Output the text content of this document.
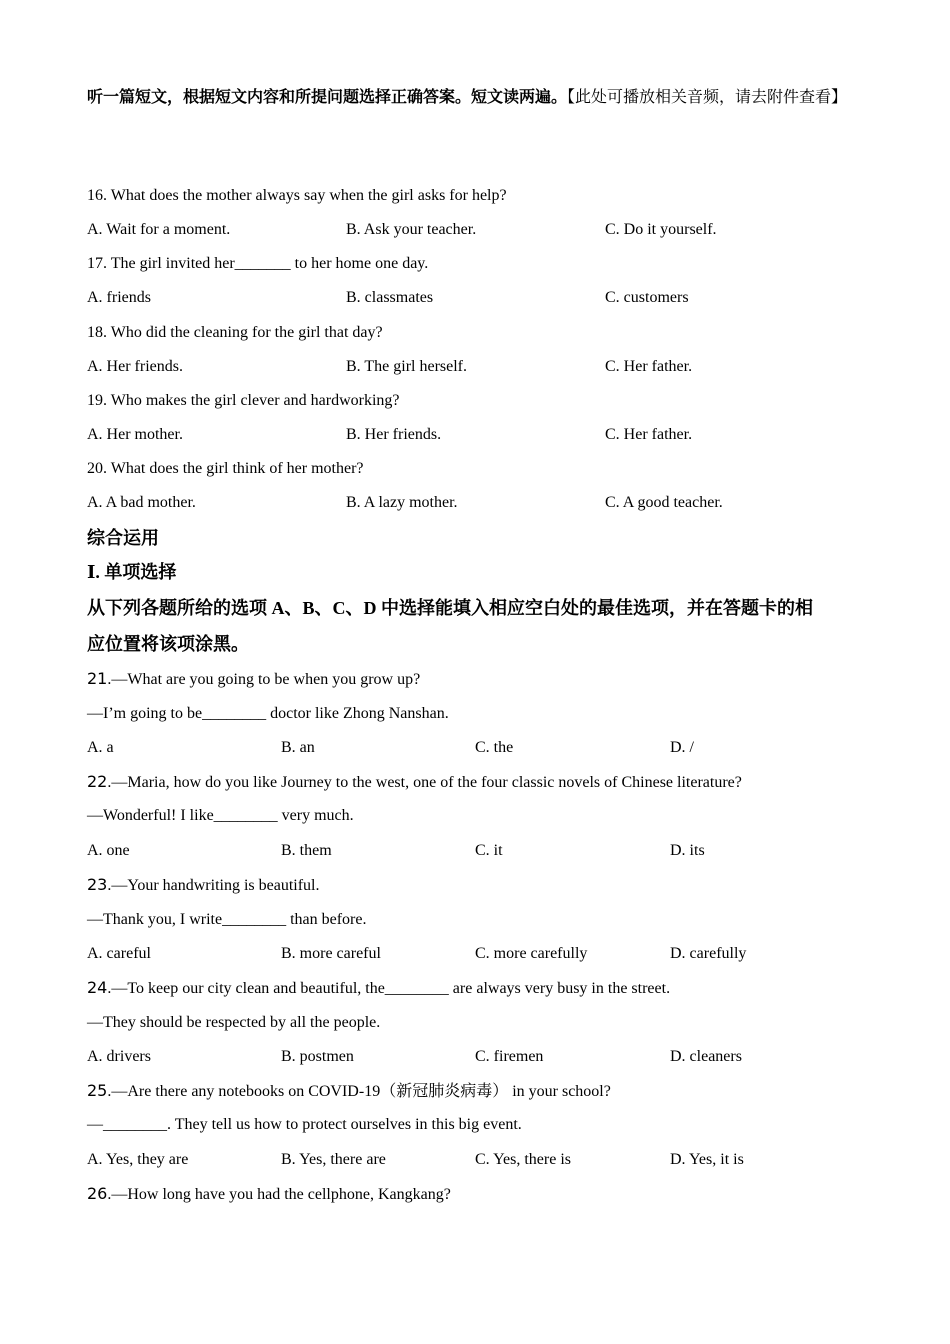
听一篇短文，根据短文内容和所提问题选择正确答案。短文读两遍。【此处可播放相关音频，请去附件查看】
16. What does the mother always say when the girl asks for help?
A. Wait for a moment.	B. Ask your teacher.	C. Do it yourself.
17. The girl invited her_______ to her home one day.
A. friends	B. classmates	C. customers
18. Who did the cleaning for the girl that day?
A. Her friends.	B. The girl herself.	C. Her father.
19. Who makes the girl clever and hardworking?
A. Her mother.	B. Her friends.	C. Her father.
20. What does the girl think of her mother?
A. A bad mother.	B. A lazy mother.	C. A good teacher.
综合运用
Ⅰ. 单项选择
从下列各题所给的选项 A、B、C、D 中选择能填入相应空白处的最佳选项，并在答题卡的相
应位置将该项涂黑。
21.—What are you going to be when you grow up?
—I’m going to be________ doctor like Zhong Nanshan.
A. a	B. an	C. the	D. /
22.—Maria, how do you like Journey to the west, one of the four classic novels of Chinese literature?
—Wonderful! I like________ very much.
A. one	B. them	C. it	D. its
23.—Your handwriting is beautiful.
—Thank you, I write________ than before.
A. careful	B. more careful	C. more carefully	D. carefully
24.—To keep our city clean and beautiful, the________ are always very busy in the street.
—They should be respected by all the people.
A. drivers	B. postmen	C. firemen	D. cleaners
25.—Are there any notebooks on COVID-19（新冠肺炎病毒） in your school?
—________. They tell us how to protect ourselves in this big event.
A. Yes, they are	B. Yes, there are	C. Yes, there is	D. Yes, it is
26.—How long have you had the cellphone, Kangkang?
